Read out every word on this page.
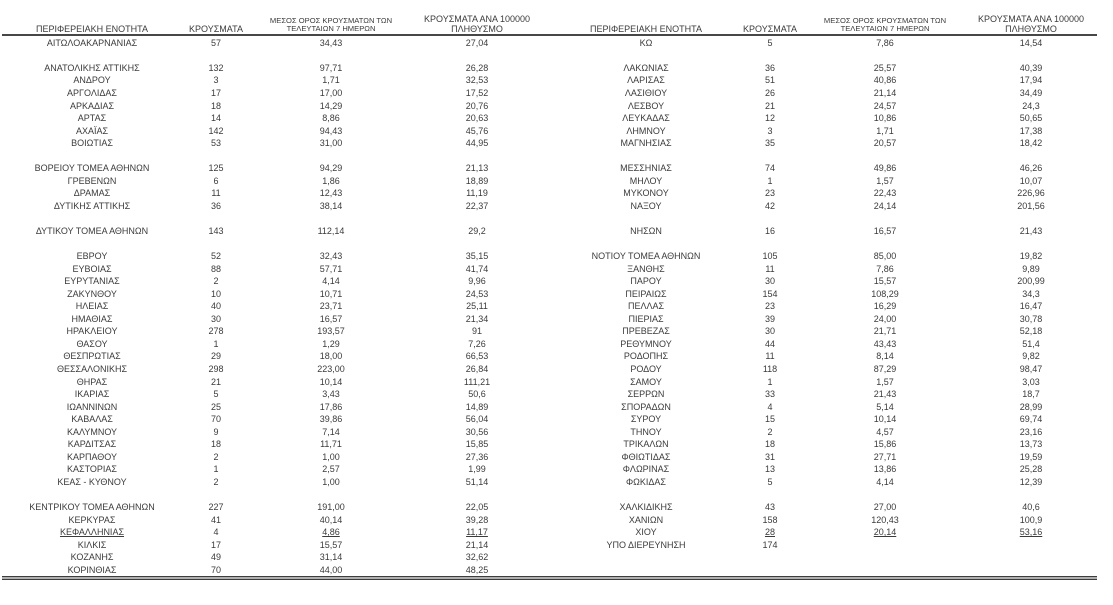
ΠΕΡΙΦΕΡΕΙΑΚΗ ΕΝΟΤΗΤΑ	ΚΡΟΥΣΜΑΤΑ	ΜΕΣΟΣ ΟΡΟΣ ΚΡΟΥΣΜΑΤΩΝ ΤΩΝ ΤΕΛΕΥΤΑΙΩΝ 7 ΗΜΕΡΩΝ	ΚΡΟΥΣΜΑΤΑ ΑΝΑ 100000 ΠΛΗΘΥΣΜΟ
ΑΙΤΩΛΟΑΚΑΡΝΑΝΙΑΣ	57	34,43	27,04

ΑΝΑΤΟΛΙΚΗΣ ΑΤΤΙΚΗΣ	132	97,71	26,28
ΑΝΔΡΟΥ	3	1,71	32,53
ΑΡΓΟΛΙΔΑΣ	17	17,00	17,52
ΑΡΚΑΔΙΑΣ	18	14,29	20,76
ΑΡΤΑΣ	14	8,86	20,63
ΑΧΑΪΑΣ	142	94,43	45,76
ΒΟΙΩΤΙΑΣ	53	31,00	44,95

ΒΟΡΕΙΟΥ ΤΟΜΕΑ ΑΘΗΝΩΝ	125	94,29	21,13
ΓΡΕΒΕΝΩΝ	6	1,86	18,89
ΔΡΑΜΑΣ	11	12,43	11,19
ΔΥΤΙΚΗΣ ΑΤΤΙΚΗΣ	36	38,14	22,37

ΔΥΤΙΚΟΥ ΤΟΜΕΑ ΑΘΗΝΩΝ	143	112,14	29,2

ΕΒΡΟΥ	52	32,43	35,15
ΕΥΒΟΙΑΣ	88	57,71	41,74
ΕΥΡΥΤΑΝΙΑΣ	2	4,14	9,96
ΖΑΚΥΝΘΟΥ	10	10,71	24,53
ΗΛΕΙΑΣ	40	23,71	25,11
ΗΜΑΘΙΑΣ	30	16,57	21,34
ΗΡΑΚΛΕΙΟΥ	278	193,57	91
ΘΑΣΟΥ	1	1,29	7,26
ΘΕΣΠΡΩΤΙΑΣ	29	18,00	66,53
ΘΕΣΣΑΛΟΝΙΚΗΣ	298	223,00	26,84
ΘΗΡΑΣ	21	10,14	111,21
ΙΚΑΡΙΑΣ	5	3,43	50,6
ΙΩΑΝΝΙΝΩΝ	25	17,86	14,89
ΚΑΒΑΛΑΣ	70	39,86	56,04
ΚΑΛΥΜΝΟΥ	9	7,14	30,56
ΚΑΡΔΙΤΣΑΣ	18	11,71	15,85
ΚΑΡΠΑΘΟΥ	2	1,00	27,36
ΚΑΣΤΟΡΙΑΣ	1	2,57	1,99
ΚΕΑΣ - ΚΥΘΝΟΥ	2	1,00	51,14

ΚΕΝΤΡΙΚΟΥ ΤΟΜΕΑ ΑΘΗΝΩΝ	227	191,00	22,05
ΚΕΡΚΥΡΑΣ	41	40,14	39,28
ΚΕΦΑΛΛΗΝΙΑΣ	4	4,86	11,17
ΚΙΛΚΙΣ	17	15,57	21,14
ΚΟΖΑΝΗΣ	49	31,14	32,62
ΚΟΡΙΝΘΙΑΣ	70	44,00	48,25
ΠΕΡΙΦΕΡΕΙΑΚΗ ΕΝΟΤΗΤΑ	ΚΡΟΥΣΜΑΤΑ	ΜΕΣΟΣ ΟΡΟΣ ΚΡΟΥΣΜΑΤΩΝ ΤΩΝ ΤΕΛΕΥΤΑΙΩΝ 7 ΗΜΕΡΩΝ	ΚΡΟΥΣΜΑΤΑ ΑΝΑ 100000 ΠΛΗΘΥΣΜΟ
ΚΩ	5	7,86	14,54

ΛΑΚΩΝΙΑΣ	36	25,57	40,39
ΛΑΡΙΣΑΣ	51	40,86	17,94
ΛΑΣΙΘΙΟΥ	26	21,14	34,49
ΛΕΣΒΟΥ	21	24,57	24,3
ΛΕΥΚΑΔΑΣ	12	10,86	50,65
ΛΗΜΝΟΥ	3	1,71	17,38
ΜΑΓΝΗΣΙΑΣ	35	20,57	18,42

ΜΕΣΣΗΝΙΑΣ	74	49,86	46,26
ΜΗΛΟΥ	1	1,57	10,07
ΜΥΚΟΝΟΥ	23	22,43	226,96
ΝΑΞΟΥ	42	24,14	201,56

ΝΗΣΩΝ	16	16,57	21,43

ΝΟΤΙΟΥ ΤΟΜΕΑ ΑΘΗΝΩΝ	105	85,00	19,82
ΞΑΝΘΗΣ	11	7,86	9,89
ΠΑΡΟΥ	30	15,57	200,99
ΠΕΙΡΑΙΩΣ	154	108,29	34,3
ΠΕΛΛΑΣ	23	16,29	16,47
ΠΙΕΡΙΑΣ	39	24,00	30,78
ΠΡΕΒΕΖΑΣ	30	21,71	52,18
ΡΕΘΥΜΝΟΥ	44	43,43	51,4
ΡΟΔΟΠΗΣ	11	8,14	9,82
ΡΟΔΟΥ	118	87,29	98,47
ΣΑΜΟΥ	1	1,57	3,03
ΣΕΡΡΩΝ	33	21,43	18,7
ΣΠΟΡΑΔΩΝ	4	5,14	28,99
ΣΥΡΟΥ	15	10,14	69,74
ΤΗΝΟΥ	2	4,57	23,16
ΤΡΙΚΑΛΩΝ	18	15,86	13,73
ΦΘΙΩΤΙΔΑΣ	31	27,71	19,59
ΦΛΩΡΙΝΑΣ	13	13,86	25,28
ΦΩΚΙΔΑΣ	5	4,14	12,39

ΧΑΛΚΙΔΙΚΗΣ	43	27,00	40,6
ΧΑΝΙΩΝ	158	120,43	100,9
ΧΙΟΥ	28	20,14	53,16
ΥΠΟ ΔΙΕΡΕΥΝΗΣΗ	174		
